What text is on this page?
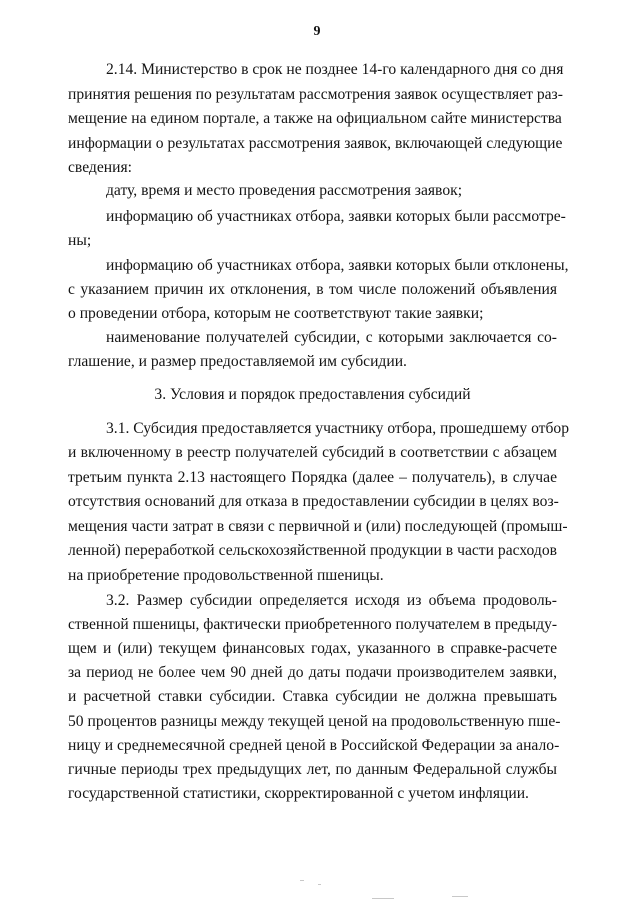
9
2.14. Министерство в срок не позднее 14-го календарного дня со дня
принятия решения по результатам рассмотрения заявок осуществляет раз-
мещение на едином портале, а также на официальном сайте министерства
информации о результатах рассмотрения заявок, включающей следующие
сведения:
дату, время и место проведения рассмотрения заявок;
информацию об участниках отбора, заявки которых были рассмотре-
ны;
информацию об участниках отбора, заявки которых были отклонены,
с указанием причин их отклонения, в том числе положений объявления
о проведении отбора, которым не соответствуют такие заявки;
наименование получателей субсидии, с которыми заключается со-
глашение, и размер предоставляемой им субсидии.
3. Условия и порядок предоставления субсидий
3.1. Субсидия предоставляется участнику отбора, прошедшему отбор
и включенному в реестр получателей субсидий в соответствии с абзацем
третьим пункта 2.13 настоящего Порядка (далее – получатель), в случае
отсутствия оснований для отказа в предоставлении субсидии в целях воз-
мещения части затрат в связи с первичной и (или) последующей (промыш-
ленной) переработкой сельскохозяйственной продукции в части расходов
на приобретение продовольственной пшеницы.
3.2. Размер субсидии определяется исходя из объема продоволь-
ственной пшеницы, фактически приобретенного получателем в предыду-
щем и (или) текущем финансовых годах, указанного в справке-расчете
за период не более чем 90 дней до даты подачи производителем заявки,
и расчетной ставки субсидии. Ставка субсидии не должна превышать
50 процентов разницы между текущей ценой на продовольственную пше-
ницу и среднемесячной средней ценой в Российской Федерации за анало-
гичные периоды трех предыдущих лет, по данным Федеральной службы
государственной статистики, скорректированной с учетом инфляции.
